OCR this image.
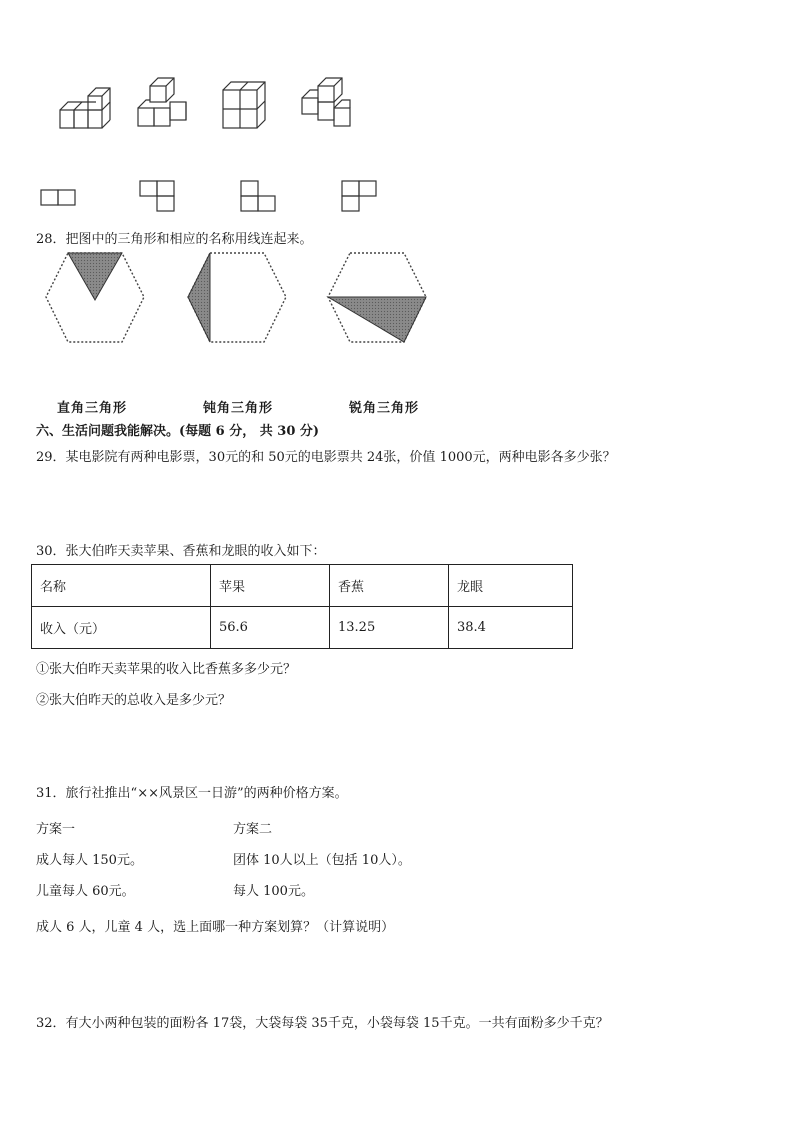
28．把图中的三角形和相应的名称用线连起来。
直角三角形	钝角三角形	锐角三角形
六、生活问题我能解决。(每题 6 分， 共 30 分)
29．某电影院有两种电影票，30元的和 50元的电影票共 24张，价值 1000元，两种电影各多少张？
30．张大伯昨天卖苹果、香蕉和龙眼的收入如下：
名称	苹果	香蕉	龙眼
收入（元）	56.6	13.25	38.4
①张大伯昨天卖苹果的收入比香蕉多多少元？
②张大伯昨天的总收入是多少元？
31．旅行社推出“××风景区一日游”的两种价格方案。
方案一	方案二
成人每人 150元。	团体 10人以上（包括 10人）。
儿童每人 60元。	每人 100元。
成人 6 人，儿童 4 人，选上面哪一种方案划算？（计算说明）
32．有大小两种包装的面粉各 17袋，大袋每袋 35千克，小袋每袋 15千克。一共有面粉多少千克？
